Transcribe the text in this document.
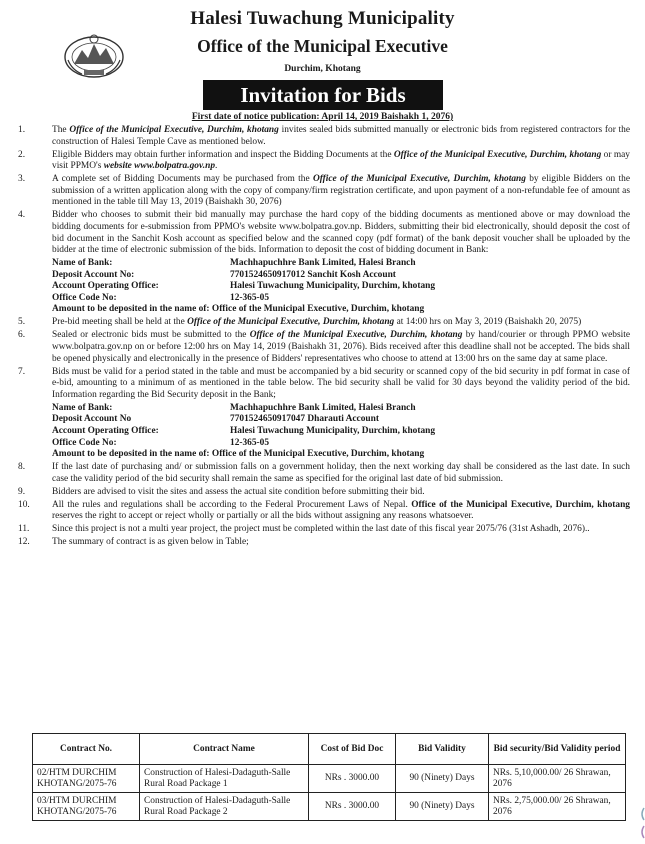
Halesi Tuwachung Municipality
Office of the Municipal Executive
Durchim, Khotang
Invitation for Bids
First date of notice publication: April 14, 2019 Baishakh 1, 2076)
1.	The Office of the Municipal Executive, Durchim, khotang invites sealed bids submitted manually or electronic bids from registered contractors for the construction of Halesi Temple Cave as mentioned below.
2.	Eligible Bidders may obtain further information and inspect the Bidding Documents at the Office of the Municipal Executive, Durchim, khotang or may visit PPMO's website www.bolpatra.gov.np.
3.	A complete set of Bidding Documents may be purchased from the Office of the Municipal Executive, Durchim, khotang by eligible Bidders on the submission of a written application along with the copy of company/firm registration certificate, and upon payment of a non-refundable fee of amount as mentioned in the table till May 13, 2019 (Baishakh 30, 2076)
4.	Bidder who chooses to submit their bid manually may purchase the hard copy of the bidding documents as mentioned above or may download the bidding documents for e-submission from PPMO's website www.bolpatra.gov.np. Bidders, submitting their bid electronically, should deposit the cost of bid document in the Sanchit Kosh account as specified below and the scanned copy (pdf format) of the bank deposit voucher shall be uploaded by the bidder at the time of electronic submission of the bids. Information to deposit the cost of bidding document in Bank:
Name of Bank:	Machhapuchhre Bank Limited, Halesi Branch
Deposit Account No:	7701524650917012 Sanchit Kosh Account
Account Operating Office:	Halesi Tuwachung Municipality, Durchim, khotang
Office Code No:	12-365-05
Amount to be deposited in the name of: Office of the Municipal Executive, Durchim, khotang
5.	Pre-bid meeting shall be held at the Office of the Municipal Executive, Durchim, khotang at 14:00 hrs on May 3, 2019 (Baishakh 20, 2075)
6.	Sealed or electronic bids must be submitted to the Office of the Municipal Executive, Durchim, khotang by hand/courier or through PPMO website www.bolpatra.gov.np on or before 12:00 hrs on May 14, 2019 (Baishakh 31, 2076). Bids received after this deadline shall not be accepted. The bids shall be opened physically and electronically in the presence of Bidders' representatives who choose to attend at 13:00 hrs on the same day at same place.
7.	Bids must be valid for a period stated in the table and must be accompanied by a bid security or scanned copy of the bid security in pdf format in case of e-bid, amounting to a minimum of as mentioned in the table below. The bid security shall be valid for 30 days beyond the validity period of the bid. Information regarding the Bid Security deposit in the Bank;
Name of Bank:	Machhapuchhre Bank Limited, Halesi Branch
Deposit Account No	7701524650917047 Dharauti Account
Account Operating Office:	Halesi Tuwachung Municipality, Durchim, khotang
Office Code No:	12-365-05
Amount to be deposited in the name of: Office of the Municipal Executive, Durchim, khotang
8.	If the last date of purchasing and/ or submission falls on a government holiday, then the next working day shall be considered as the last date. In such case the validity period of the bid security shall remain the same as specified for the original last date of bid submission.
9.	Bidders are advised to visit the sites and assess the actual site condition before submitting their bid.
10.	All the rules and regulations shall be according to the Federal Procurement Laws of Nepal. Office of the Municipal Executive, Durchim, khotang reserves the right to accept or reject wholly or partially or all the bids without assigning any reasons whatsoever.
11.	Since this project is not a multi year project, the project must be completed within the last date of this fiscal year 2075/76 (31st Ashadh, 2076)..
12.	The summary of contract is as given below in Table;
Contract No.	Contract Name	Cost of Bid Doc	Bid Validity	Bid security/Bid Validity period
02/HTM DURCHIM KHOTANG/2075-76	Construction of Halesi-Dadaguth-Salle Rural Road Package 1	NRs . 3000.00	90 (Ninety) Days	NRs. 5,10,000.00/ 26 Shrawan, 2076
03/HTM DURCHIM KHOTANG/2075-76	Construction of Halesi-Dadaguth-Salle Rural Road Package 2	NRs . 3000.00	90 (Ninety) Days	NRs. 2,75,000.00/ 26 Shrawan, 2076
